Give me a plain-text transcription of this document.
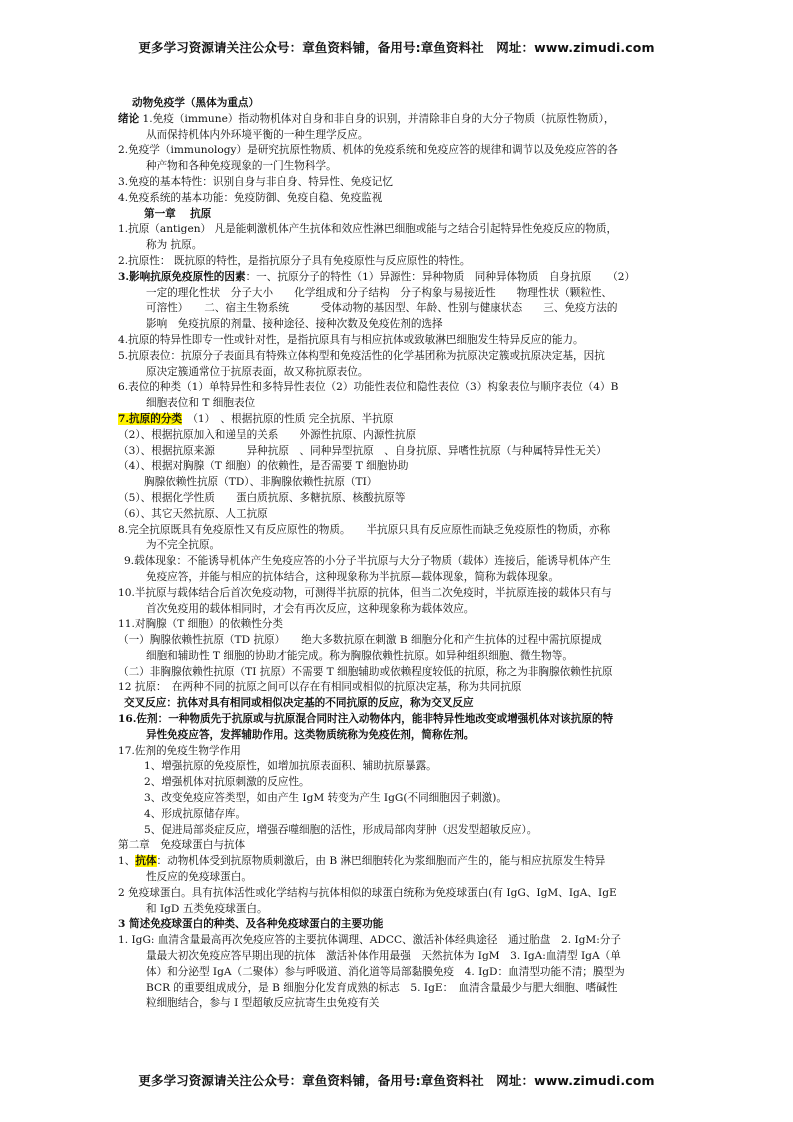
更多学习资源请关注公众号：章鱼资料铺，备用号:章鱼资料社　网址：www.zimudi.com
动物免疫学（黑体为重点）
绪论 1.免疫（immune）指动物机体对自身和非自身的识别，并清除非自身的大分子物质（抗原性物质），
从而保持机体内外环境平衡的一种生理学反应。
2.免疫学（immunology）是研究抗原性物质、机体的免疫系统和免疫应答的规律和调节以及免疫应答的各
种产物和各种免疫现象的一门生物科学。
3.免疫的基本特性：识别自身与非自身、特异性、免疫记忆
4.免疫系统的基本功能：免疫防御、免疫自稳、免疫监视
第一章　 抗原
1.抗原（antigen） 凡是能刺激机体产生抗体和效应性淋巴细胞或能与之结合引起特异性免疫反应的物质，
称为 抗原。
2.抗原性： 既抗原的特性，是指抗原分子具有免疫原性与反应原性的特性。
3.影响抗原免疫原性的因素：一、抗原分子的特性（1）异源性：异种物质　同种异体物质　自身抗原　　（2）
一定的理化性状　分子大小　　化学组成和分子结构　分子构象与易接近性　　物理性状（颗粒性、
可溶性）　　二、宿主生物系统　　　受体动物的基因型、年龄、性别与健康状态　　三、免疫方法的
影响　免疫抗原的剂量、接种途径、接种次数及免疫佐剂的选择
4.抗原的特异性即专一性或针对性，是指抗原具有与相应抗体或致敏淋巴细胞发生特异反应的能力。
5.抗原表位：抗原分子表面具有特殊立体构型和免疫活性的化学基团称为抗原决定簇或抗原决定基，因抗
原决定簇通常位于抗原表面，故又称抗原表位。
6.表位的种类（1）单特异性和多特异性表位（2）功能性表位和隐性表位（3）构象表位与顺序表位（4）B
细胞表位和 T 细胞表位
7.抗原的分类　（1）　、根据抗原的性质 完全抗原、半抗原
（2）、根据抗原加入和递呈的关系　　外源性抗原、内源性抗原
（3）、根据抗原来源　　　异种抗原　、同种异型抗原　、自身抗原、异嗜性抗原（与种属特异性无关）
（4）、根据对胸腺（T 细胞）的依赖性，是否需要 T 细胞协助
胸腺依赖性抗原（TD）、非胸腺依赖性抗原（TI）
（5）、根据化学性质　　蛋白质抗原、多糖抗原、核酸抗原等
（6）、其它天然抗原、人工抗原
8.完全抗原既具有免疫原性又有反应原性的物质。　　半抗原只具有反应原性而缺乏免疫原性的物质，亦称
为不完全抗原。
9.载体现象：不能诱导机体产生免疫应答的小分子半抗原与大分子物质（载体）连接后，能诱导机体产生
免疫应答，并能与相应的抗体结合，这种现象称为半抗原—载体现象，简称为载体现象。
10.半抗原与载体结合后首次免疫动物，可测得半抗原的抗体，但当二次免疫时，半抗原连接的载体只有与
首次免疫用的载体相同时，才会有再次反应，这种现象称为载体效应。
11.对胸腺（T 细胞）的依赖性分类
（一）胸腺依赖性抗原（TD 抗原）　　绝大多数抗原在刺激 B 细胞分化和产生抗体的过程中需抗原提成
细胞和辅助性 T 细胞的协助才能完成。称为胸腺依赖性抗原。如异种组织细胞、微生物等。
（二）非胸腺依赖性抗原（TI 抗原）不需要 T 细胞辅助或依赖程度较低的抗原，称之为非胸腺依赖性抗原
12 抗原：　在两种不同的抗原之间可以存在有相同或相似的抗原决定基，称为共同抗原
交叉反应：抗体对具有相同或相似决定基的不同抗原的反应，称为交叉反应
16.佐剂：一种物质先于抗原或与抗原混合同时注入动物体内，能非特异性地改变或增强机体对该抗原的特
异性免疫应答，发挥辅助作用。这类物质统称为免疫佐剂，简称佐剂。
17.佐剂的免疫生物学作用
1、增强抗原的免疫原性，如增加抗原表面积、辅助抗原暴露。
2、增强机体对抗原刺激的反应性。
3、改变免疫应答类型，如由产生 IgM 转变为产生 IgG(不同细胞因子刺激)。
4、形成抗原储存库。
5、促进局部炎症反应，增强吞噬细胞的活性，形成局部肉芽肿（迟发型超敏反应）。
第二章　免疫球蛋白与抗体
1、抗体：动物机体受到抗原物质刺激后，由 B 淋巴细胞转化为浆细胞而产生的，能与相应抗原发生特异
性反应的免疫球蛋白。
2 免疫球蛋白。具有抗体活性或化学结构与抗体相似的球蛋白统称为免疫球蛋白(有 IgG、IgM、IgA、IgE
和 IgD 五类免疫球蛋白。
3 简述免疫球蛋白的种类、及各种免疫球蛋白的主要功能
1. IgG: 血清含量最高再次免疫应答的主要抗体调理、ADCC、激活补体经典途径　通过胎盘　2. IgM:分子
量最大初次免疫应答早期出现的抗体　激活补体作用最强　天然抗体为 IgM　3. IgA:血清型 IgA（单
体）和分泌型 IgA（二聚体）参与呼吸道、消化道等局部黏膜免疫　4. IgD：血清型功能不清；膜型为
BCR 的重要组成成分，是 B 细胞分化发育成熟的标志　5. IgE：　血清含量最少与肥大细胞、嗜碱性
粒细胞结合，参与 I 型超敏反应抗寄生虫免疫有关
更多学习资源请关注公众号：章鱼资料铺，备用号:章鱼资料社　网址：www.zimudi.com
